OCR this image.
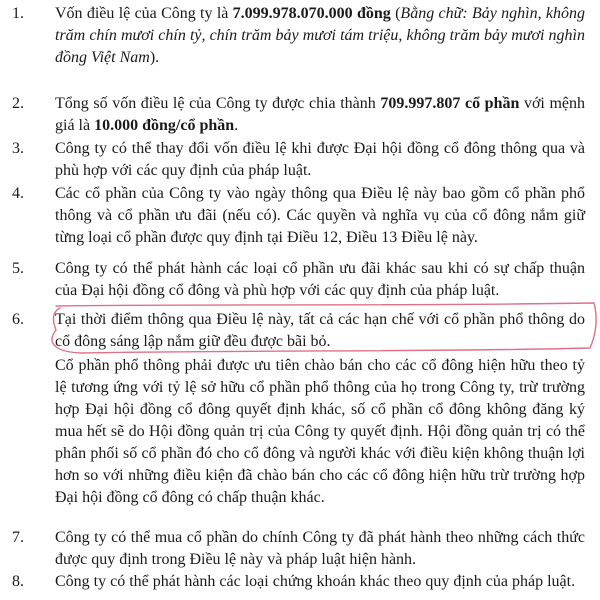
1. Vốn điều lệ của Công ty là 7.099.978.070.000 đồng (Bằng chữ: Bảy nghìn, không trăm chín mươi chín tỷ, chín trăm bảy mươi tám triệu, không trăm bảy mươi nghìn đồng Việt Nam).
2. Tổng số vốn điều lệ của Công ty được chia thành 709.997.807 cổ phần với mệnh giá là 10.000 đồng/cổ phần.
3. Công ty có thể thay đổi vốn điều lệ khi được Đại hội đồng cổ đông thông qua và phù hợp với các quy định của pháp luật.
4. Các cổ phần của Công ty vào ngày thông qua Điều lệ này bao gồm cổ phần phổ thông và cổ phần ưu đãi (nếu có). Các quyền và nghĩa vụ của cổ đông nắm giữ từng loại cổ phần được quy định tại Điều 12, Điều 13 Điều lệ này.
5. Công ty có thể phát hành các loại cổ phần ưu đãi khác sau khi có sự chấp thuận của Đại hội đồng cổ đông và phù hợp với các quy định của pháp luật.
6. Tại thời điểm thông qua Điều lệ này, tất cả các hạn chế với cổ phần phổ thông do cổ đông sáng lập nắm giữ đều được bãi bỏ.
Cổ phần phổ thông phải được ưu tiên chào bán cho các cổ đông hiện hữu theo tỷ lệ tương ứng với tỷ lệ sở hữu cổ phần phổ thông của họ trong Công ty, trừ trường hợp Đại hội đồng cổ đông quyết định khác, số cổ phần cổ đông không đăng ký mua hết sẽ do Hội đồng quản trị của Công ty quyết định. Hội đồng quản trị có thể phân phối số cổ phần đó cho cổ đông và người khác với điều kiện không thuận lợi hơn so với những điều kiện đã chào bán cho các cổ đông hiện hữu trừ trường hợp Đại hội đồng cổ đông có chấp thuận khác.
7. Công ty có thể mua cổ phần do chính Công ty đã phát hành theo những cách thức được quy định trong Điều lệ này và pháp luật hiện hành.
8. Công ty có thể phát hành các loại chứng khoán khác theo quy định của pháp luật.
